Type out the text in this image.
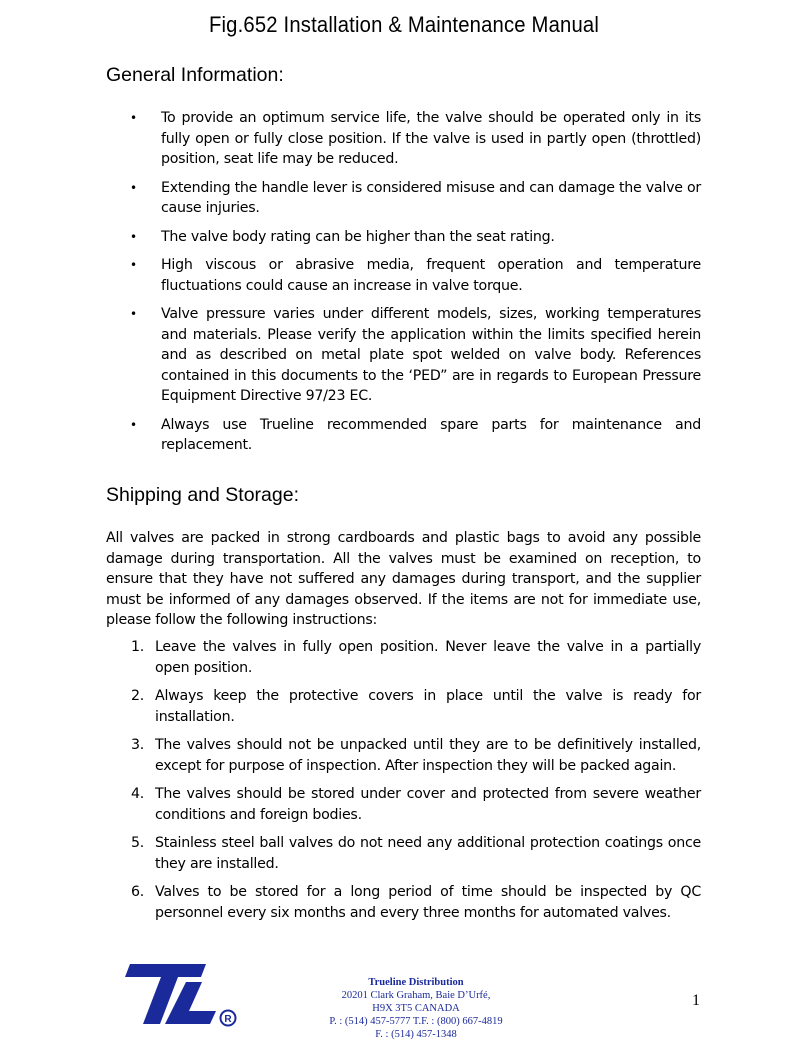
Fig.652 Installation & Maintenance Manual
General Information:
• To provide an optimum service life, the valve should be operated only in its fully open or fully close position. If the valve is used in partly open (throttled) position, seat life may be reduced.
• Extending the handle lever is considered misuse and can damage the valve or cause injuries.
• The valve body rating can be higher than the seat rating.
• High viscous or abrasive media, frequent operation and temperature fluctuations could cause an increase in valve torque.
• Valve pressure varies under different models, sizes, working temperatures and materials. Please verify the application within the limits specified herein and as described on metal plate spot welded on valve body. References contained in this documents to the ‘PED” are in regards to European Pressure Equipment Directive 97/23 EC.
• Always use Trueline recommended spare parts for maintenance and replacement.
Shipping and Storage:

All valves are packed in strong cardboards and plastic bags to avoid any possible damage during transportation. All the valves must be examined on reception, to ensure that they have not suffered any damages during transport, and the supplier must be informed of any damages observed. If the items are not for immediate use, please follow the following instructions:

1. Leave the valves in fully open position. Never leave the valve in a partially open position.
2. Always keep the protective covers in place until the valve is ready for installation.
3. The valves should not be unpacked until they are to be definitively installed, except for purpose of inspection. After inspection they will be packed again.
4. The valves should be stored under cover and protected from severe weather conditions and foreign bodies.
5. Stainless steel ball valves do not need any additional protection coatings once they are installed.
6. Valves to be stored for a long period of time should be inspected by QC personnel every six months and every three months for automated valves.
R
Trueline Distribution
20201 Clark Graham, Baie D’Urfé,
H9X 3T5 CANADA
P. : (514) 457-5777 T.F. : (800) 667-4819
F. : (514) 457-1348
1
